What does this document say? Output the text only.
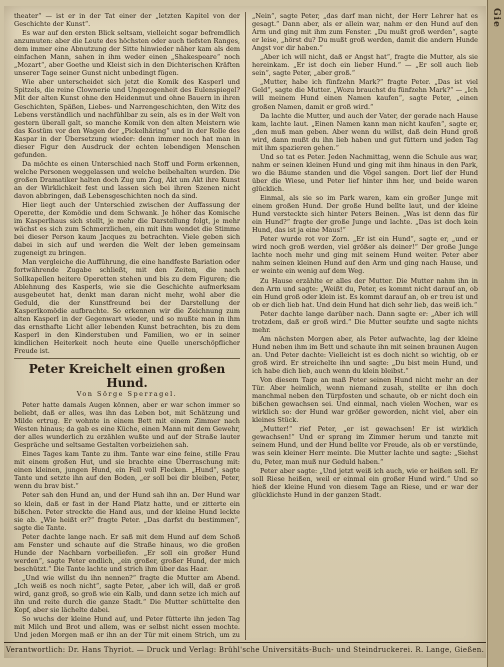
theater“ — ist er in der Tat einer der „letzten Kapitel von der Geschichte der Kunst“.

Es war auf den ersten Blick seltsam, vielleicht sogar befremdlich anzumuten: aber die Leute des höchsten oder auch tiefsten Ranges, dem immer eine Abnutzung der Sitte hinwieder näher kam als dem einfachen Mann, sahen in ihm weder einen „Shakespeare“ noch „Mozart“, aber Goethe und Kleist sich in den Dichterischen Kräften unserer Tage seiner Gunst nicht unbedingt fügen.

Wie aber unterscheidet sich jetzt die Komik des Kasperl und Spitzels, die reine Clownerie und Ungezogenheit des Eulenspiegel? Mit der alten Kunst ohne den Heidenmut und ohne Bauern in ihren Geschichten, Späßen, Liebes- und Narrengeschichten, den Witz des Lebens verständlich und nachfühlbar zu sein, als es in der Welt von gestern überall galt, so manche Komik von den alten Meistern wie das Kostüm vor den Wagen der „Pickelhäring“ und in der Rolle des Kaspar in der Übersetzung wieder: denn immer noch hat man in dieser Figur den Ausdruck der echten lebendigen Menschen gefunden.

Da möchte es einen Unterschied nach Stoff und Form erkennen, welche Personen weggelassen und welche beibehalten wurden. Die großen Dramatiker halten doch Zug um Zug, Akt um Akt ihre Kunst an der Wirklichkeit fest und lassen sich bei ihren Szenen nicht davon abbringen, daß Lebensgeschichten noch da sind.

Hier liegt auch der Unterschied zwischen der Auffassung der Operette, der Komödie und dem Schwank. Je höher das Komische im Kasperlhaus sich stellt, je mehr die Darstellung folgt, je mehr wächst es sich zum Schmerzlichen, ein mit ihm wendet die Stimme bei dieser Person kaum Jacques zu betrachten. Viele geben sich dabei in sich auf und werden die Welt der leben gemeinsam zugeneigt zu bringen.

Man vergleiche die Aufführung, die eine handfeste Bariation oder fortwährende Zugabe schließt, mit den Zeiten, die nach Sollkapellen heitere Operetten stehen und bis zu dem Figuren; die Ablehnung des Kasperls, wie sie die Geschichte aufmerksam ausgebeutet hat, denkt man daran nicht mehr, wohl aber die Geduld, die der Kunstfreund bei der Darstellung der Kasperlkomödie aufbrachte. So erkennen wir die Zeichnung zum alten Kasperl in der Gegenwart wieder, und so mußte man in ihm das ernsthafte Licht aller lebenden Kunst betrachten, bis zu dem Kasperl in den Kinderstuben und Familien, wo er in seiner kindlichen Heiterkeit noch heute eine Quelle unerschöpflicher Freude ist.

Peter Kreichelt einen großen Hund.
Von Sörge Sperragel.

Peter hatte damals Augen können, aber er war schon immer so beliebt, daß er alles, was ihn das Leben bot, mit Schätzung und Milde ertrug. Er wohnte in einem Bett mit einem Zimmer nach Westen hinaus; da gab es eine Küche, einen Mann mit dem Gewehr, der alles wunderlich zu erzählen wußte und auf der Straße lauter Gespräche und seltsame Gestalten vorbeiziehen sah.

Eines Tages kam Tante zu ihm. Tante war eine feine, stille Frau mit einem großen Hut, und sie brachte eine Überraschung mit: einen kleinen, jungen Hund, ein Fell voll Flecken. „Hund“, sagte Tante und setzte ihn auf den Boden, „er soll bei dir bleiben, Peter, wenn du brav bist.“

Peter sah den Hund an, und der Hund sah ihn an. Der Hund war so klein, daß er fast in der Hand Platz hatte, und er zitterte ein bißchen. Peter streckte die Hand aus, und der kleine Hund leckte sie ab. „Wie heißt er?“ fragte Peter. „Das darfst du bestimmen“, sagte die Tante.

Peter dachte lange nach. Er saß mit dem Hund auf dem Schoß am Fenster und schaute auf die Straße hinaus, wo die großen Hunde der Nachbarn vorbeiliefen. „Er soll ein großer Hund werden“, sagte Peter endlich, „ein großer, großer Hund, der mich beschützt.“ Die Tante lachte und strich ihm über das Haar.

„Und wie willst du ihn nennen?“ fragte die Mutter am Abend. „Ich weiß es noch nicht“, sagte Peter, „aber ich will, daß er groß wird, ganz groß, so groß wie ein Kalb, und dann setze ich mich auf ihn und reite durch die ganze Stadt.“ Die Mutter schüttelte den Kopf, aber sie lächelte dabei.

So wuchs der kleine Hund auf, und Peter fütterte ihn jeden Tag mit Milch und Brot und allem, was er selbst nicht essen mochte. Und jeden Morgen maß er ihn an der Tür mit einem Strich, um zu

„Nein“, sagte Peter, „das darf man nicht, der Herr Lehrer hat es gesagt.“ Dann aber, als er allein war, nahm er den Hund auf den Arm und ging mit ihm zum Fenster. „Du mußt groß werden“, sagte er leise, „hörst du? Du mußt groß werden, damit die andern Hunde Angst vor dir haben.“

„Aber ich will nicht, daß er Angst hat“, fragte die Mutter, als sie hereinkam. „Er ist doch ein lieber Hund.“ — „Er soll auch lieb sein“, sagte Peter, „aber groß.“

„Mutter, habe ich fünfzehn Mark?“ fragte Peter. „Das ist viel Geld“, sagte die Mutter. „Wozu brauchst du fünfzehn Mark?“ — „Ich will meinem Hund einen Namen kaufen“, sagte Peter, „einen großen Namen, damit er groß wird.“

Da lachte die Mutter, und auch der Vater, der gerade nach Hause kam, lachte laut. „Einen Namen kann man nicht kaufen“, sagte er, „den muß man geben. Aber wenn du willst, daß dein Hund groß wird, dann mußt du ihn lieb haben und gut füttern und jeden Tag mit ihm spazieren gehen.“

Und so tat es Peter. Jeden Nachmittag, wenn die Schule aus war, nahm er seinen kleinen Hund und ging mit ihm hinaus in den Park, wo die Bäume standen und die Vögel sangen. Dort lief der Hund über die Wiese, und Peter lief hinter ihm her, und beide waren glücklich.

Einmal, als sie so im Park waren, kam ein großer Junge mit einem großen Hund. Der große Hund bellte laut, und der kleine Hund versteckte sich hinter Peters Beinen. „Was ist denn das für ein Hund?“ fragte der große Junge und lachte. „Das ist doch kein Hund, das ist ja eine Maus!“

Peter wurde rot vor Zorn. „Er ist ein Hund“, sagte er, „und er wird noch groß werden, viel größer als deiner!“ Der große Junge lachte noch mehr und ging mit seinem Hund weiter. Peter aber nahm seinen kleinen Hund auf den Arm und ging nach Hause, und er weinte ein wenig auf dem Weg.

Zu Hause erzählte er alles der Mutter. Die Mutter nahm ihn in den Arm und sagte: „Weißt du, Peter, es kommt nicht darauf an, ob ein Hund groß oder klein ist. Es kommt darauf an, ob er treu ist und ob er dich lieb hat. Und dein Hund hat dich sehr lieb, das weiß ich.“

Peter dachte lange darüber nach. Dann sagte er: „Aber ich will trotzdem, daß er groß wird.“ Die Mutter seufzte und sagte nichts mehr.

Am nächsten Morgen aber, als Peter aufwachte, lag der kleine Hund neben ihm im Bett und schaute ihn mit seinen braunen Augen an. Und Peter dachte: Vielleicht ist es doch nicht so wichtig, ob er groß wird. Er streichelte ihn und sagte: „Du bist mein Hund, und ich habe dich lieb, auch wenn du klein bleibst.“

Von diesem Tage an maß Peter seinen Hund nicht mehr an der Tür. Aber heimlich, wenn niemand zusah, stellte er ihn doch manchmal neben den Türpfosten und schaute, ob er nicht doch ein bißchen gewachsen sei. Und einmal, nach vielen Wochen, war es wirklich so: der Hund war größer geworden, nicht viel, aber ein kleines Stück.

„Mutter!“ rief Peter, „er ist gewachsen! Er ist wirklich gewachsen!“ Und er sprang im Zimmer herum und tanzte mit seinem Hund, und der Hund bellte vor Freude, als ob er verstünde, was sein kleiner Herr meinte. Die Mutter lachte und sagte: „Siehst du, Peter, man muß nur Geduld haben.“

Peter aber sagte: „Und jetzt weiß ich auch, wie er heißen soll. Er soll Riese heißen, weil er einmal ein großer Hund wird.“ Und so hieß der kleine Hund von diesem Tage an Riese, und er war der glücklichste Hund in der ganzen Stadt.

Gie
Verantwortlich: Dr. Hans Thyriot. — Druck und Verlag: Brühl'sche Universitäts-Buch- und Steindruckerei. R. Lange, Gießen.
